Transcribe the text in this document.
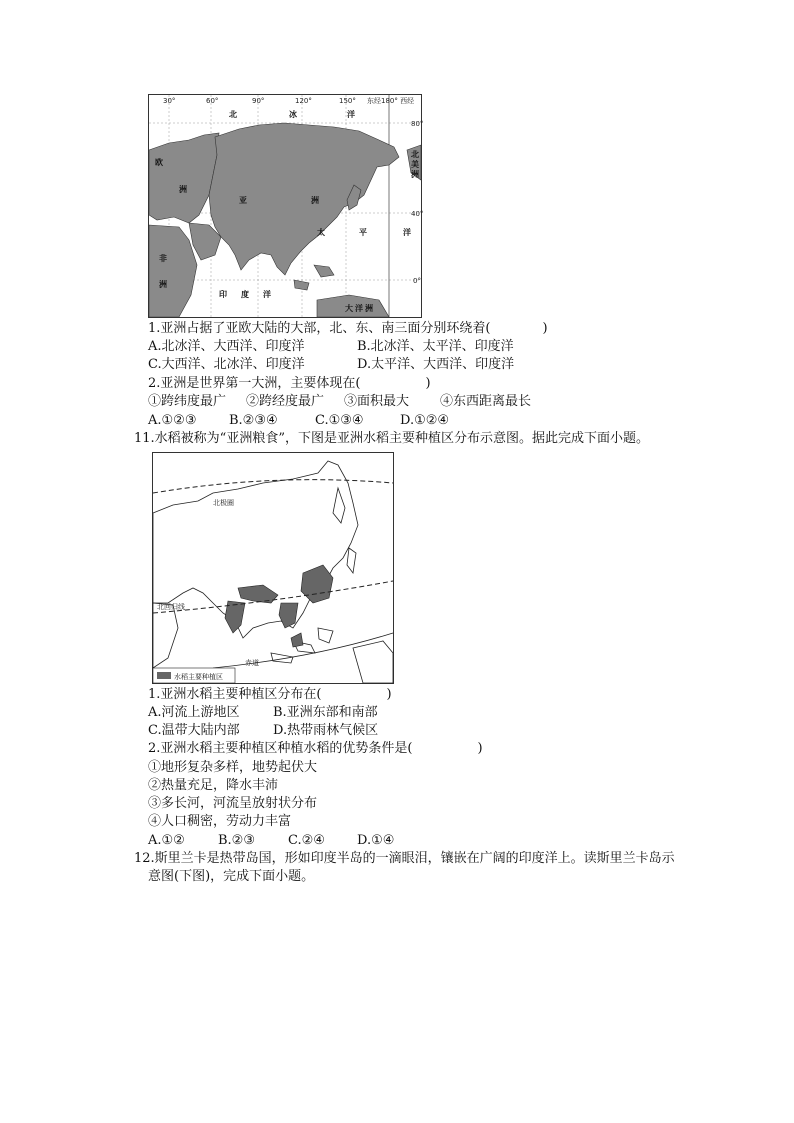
30°	60°	90°	120°	150° 东经180° 西经
80°
40°
0°
北	冰	洋
欧
洲
亚	洲
非
洲
印 度 洋
太	平	洋
大 洋 洲
北
美
洲
1.亚洲占据了亚欧大陆的大部，北、东、南三面分别环绕着(　　　　)
A.北冰洋、大西洋、印度洋	B.北冰洋、太平洋、印度洋
C.大西洋、北冰洋、印度洋	D.太平洋、大西洋、印度洋
2.亚洲是世界第一大洲，主要体现在(　　　　　)
①跨纬度最广 ②跨经度最广 ③面积最大 ④东西距离最长
A.①②③	B.②③④	C.①③④	D.①②④
11.水稻被称为“亚洲粮食”，下图是亚洲水稻主要种植区分布示意图。据此完成下面小题。
北极圈
北回归线
赤道
水稻主要种植区
1.亚洲水稻主要种植区分布在(　　　　　)
A.河流上游地区	B.亚洲东部和南部
C.温带大陆内部	D.热带雨林气候区
2.亚洲水稻主要种植区种植水稻的优势条件是(　　　　　)
①地形复杂多样，地势起伏大
②热量充足，降水丰沛
③多长河，河流呈放射状分布
④人口稠密，劳动力丰富
A.①②	B.②③	C.②④ D.①④
12.斯里兰卡是热带岛国，形如印度半岛的一滴眼泪，镶嵌在广阔的印度洋上。读斯里兰卡岛示
意图(下图)，完成下面小题。
